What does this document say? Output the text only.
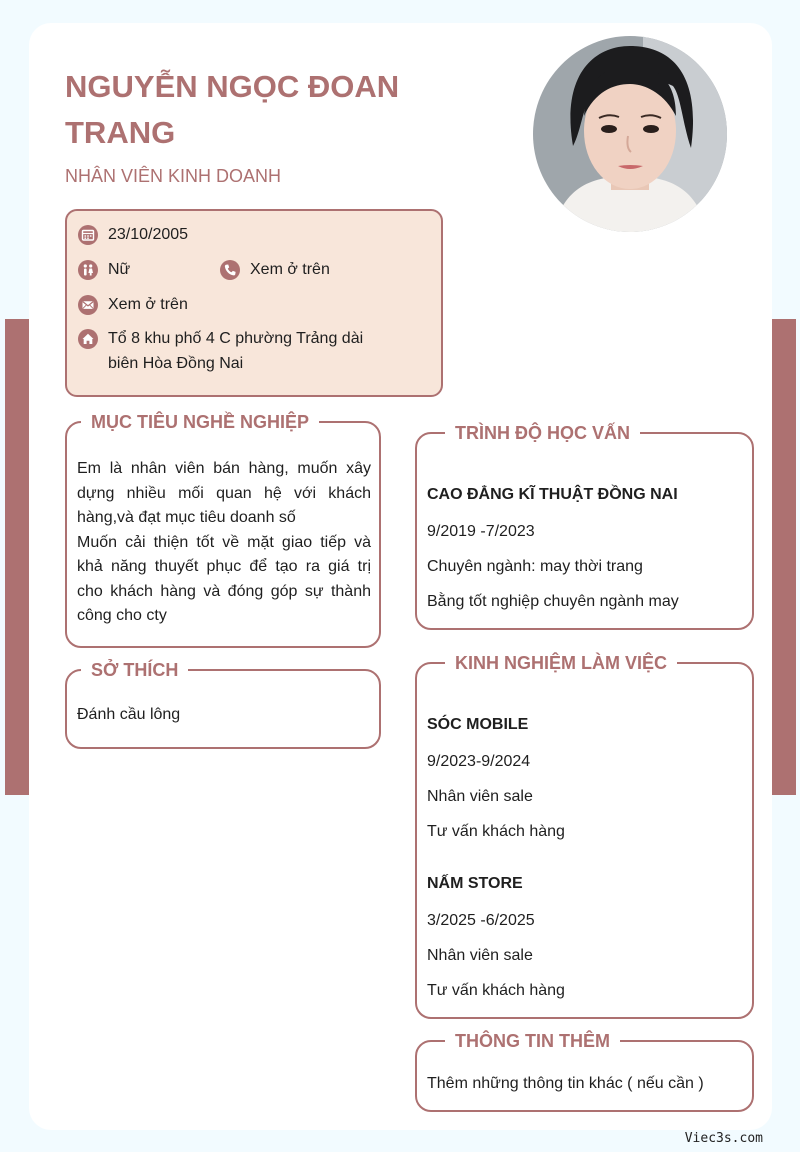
NGUYỄN NGỌC ĐOAN TRANG
NHÂN VIÊN KINH DOANH
23/10/2005
Nữ	Xem ở trên
Xem ở trên
Tổ 8 khu phố 4 C phường Trảng dài biên Hòa Đồng Nai
MỤC TIÊU NGHỀ NGHIỆP

Em là nhân viên bán hàng, muốn xây dựng nhiều mối quan hệ với khách hàng,và đạt mục tiêu doanh số

Muốn cải thiện tốt về mặt giao tiếp và khả năng thuyết phục để tạo ra giá trị cho khách hàng và đóng góp sự thành công cho cty

SỞ THÍCH
Đánh cầu lông
TRÌNH ĐỘ HỌC VẤN
CAO ĐẲNG KĨ THUẬT ĐỒNG NAI
9/2019 -7/2023
Chuyên ngành: may thời trang
Bằng tốt nghiệp chuyên ngành may
KINH NGHIỆM LÀM VIỆC
SÓC MOBILE
9/2023-9/2024
Nhân viên sale
Tư vấn khách hàng
NẤM STORE
3/2025 -6/2025
Nhân viên sale
Tư vấn khách hàng
THÔNG TIN THÊM
Thêm những thông tin khác ( nếu cần )
Viec3s.com
